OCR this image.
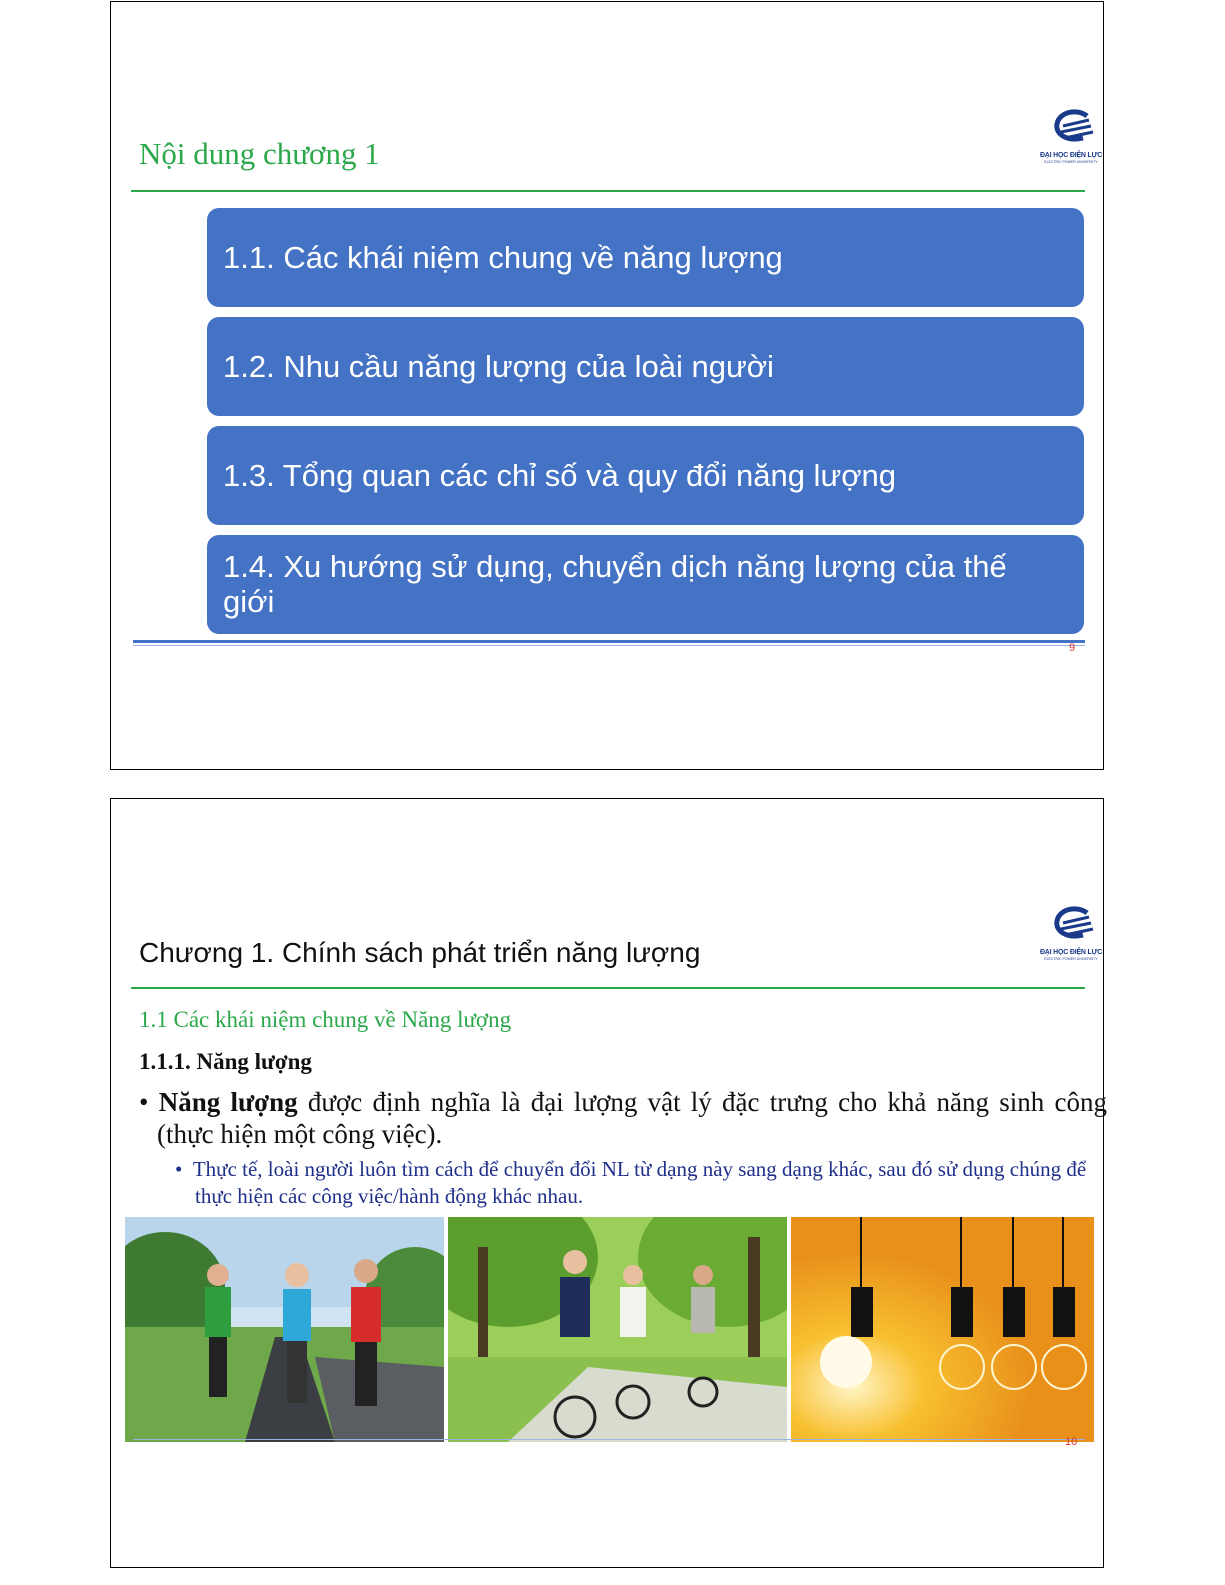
ĐẠI HỌC ĐIỆN LỰC
ELECTRIC POWER UNIVERSITY
Nội dung chương 1
1.1. Các khái niệm chung về năng lượng
1.2. Nhu cầu năng lượng của loài người
1.3. Tổng quan các chỉ số và quy đổi năng lượng
1.4. Xu hướng sử dụng, chuyển dịch năng lượng của thế giới
9
ĐẠI HỌC ĐIỆN LỰC
ELECTRIC POWER UNIVERSITY
Chương 1. Chính sách phát triển năng lượng
1.1 Các khái niệm chung về Năng lượng
1.1.1. Năng lượng
• Năng lượng được định nghĩa là đại lượng vật lý đặc trưng cho khả năng sinh công (thực hiện một công việc).
•  Thực tế, loài người luôn tìm cách để chuyển đổi NL từ dạng này sang dạng khác, sau đó sử dụng chúng để thực hiện các công việc/hành động khác nhau.
10
